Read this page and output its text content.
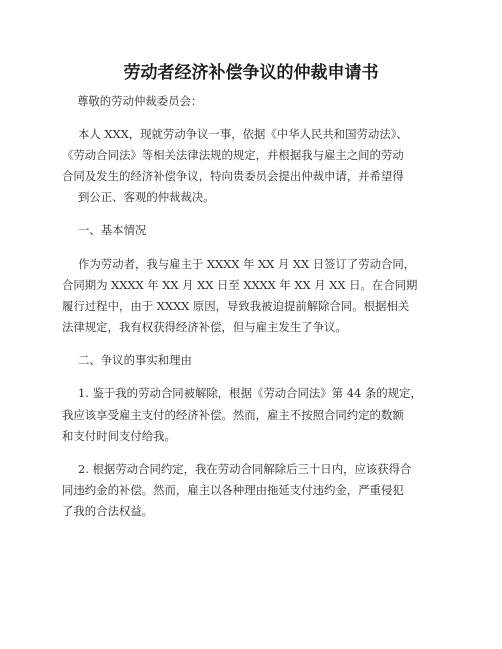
劳动者经济补偿争议的仲裁申请书

尊敬的劳动仲裁委员会：

本人 XXX，现就劳动争议一事，依据《中华人民共和国劳动法》、

《劳动合同法》等相关法律法规的规定，并根据我与雇主之间的劳动

合同及发生的经济补偿争议，特向贵委员会提出仲裁申请，并希望得

到公正、客观的仲裁裁决。

一、基本情况

作为劳动者，我与雇主于 XXXX 年 XX 月 XX 日签订了劳动合同，

合同期为 XXXX 年 XX 月 XX 日至 XXXX 年 XX 月 XX 日。在合同期

履行过程中，由于 XXXX 原因，导致我被迫提前解除合同。根据相关

法律规定，我有权获得经济补偿，但与雇主发生了争议。

二、争议的事实和理由

1. 鉴于我的劳动合同被解除，根据《劳动合同法》第 44 条的规定，

我应该享受雇主支付的经济补偿。然而，雇主不按照合同约定的数额

和支付时间支付给我。

2. 根据劳动合同约定，我在劳动合同解除后三十日内，应该获得合

同违约金的补偿。然而，雇主以各种理由拖延支付违约金，严重侵犯

了我的合法权益。
